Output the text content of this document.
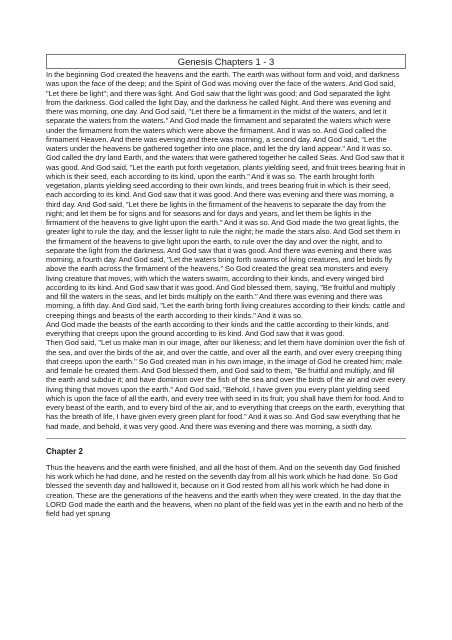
Genesis Chapters 1 - 3

In the beginning God created the heavens and the earth. The earth was without form and void, and darkness was upon the face of the deep; and the Spirit of God was moving over the face of the waters. And God said, "Let there be light"; and there was light. And God saw that the light was good; and God separated the light from the darkness. God called the light Day, and the darkness he called Night. And there was evening and there was morning, one day. And God said, "Let there be a firmament in the midst of the waters, and let it separate the waters from the waters." And God made the firmament and separated the waters which were under the firmament from the waters which were above the firmament. And it was so. And God called the firmament Heaven. And there was evening and there was morning, a second day. And God said, "Let the waters under the heavens be gathered together into one place, and let the dry land appear." And it was so. God called the dry land Earth, and the waters that were gathered together he called Seas. And God saw that it was good. And God said, "Let the earth put forth vegetation, plants yielding seed, and fruit trees bearing fruit in which is their seed, each according to its kind, upon the earth." And it was so. The earth brought forth vegetation, plants yielding seed according to their own kinds, and trees bearing fruit in which is their seed, each according to its kind. And God saw that it was good. And there was evening and there was morning, a third day. And God said, "Let there be lights in the firmament of the heavens to separate the day from the night; and let them be for signs and for seasons and for days and years, and let them be lights in the firmament of the heavens to give light upon the earth." And it was so. And God made the two great lights, the greater light to rule the day, and the lesser light to rule the night; he made the stars also. And God set them in the firmament of the heavens to give light upon the earth, to rule over the day and over the night, and to separate the light from the darkness. And God saw that it was good. And there was evening and there was morning, a fourth day. And God said, "Let the waters bring forth swarms of living creatures, and let birds fly above the earth across the firmament of the heavens." So God created the great sea monsters and every living creature that moves, with which the waters swarm, according to their kinds, and every winged bird according to its kind. And God saw that it was good. And God blessed them, saying, "Be fruitful and multiply and fill the waters in the seas, and let birds multiply on the earth." And there was evening and there was morning, a fifth day. And God said, "Let the earth bring forth living creatures according to their kinds: cattle and creeping things and beasts of the earth according to their kinds." And it was so.

And God made the beasts of the earth according to their kinds and the cattle according to their kinds, and everything that creeps upon the ground according to its kind. And God saw that it was good.

Then God said, "Let us make man in our image, after our likeness; and let them have dominion over the fish of the sea, and over the birds of the air, and over the cattle, and over all the earth, and over every creeping thing that creeps upon the earth." So God created man in his own image, in the image of God he created him; male and female he created them. And God blessed them, and God said to them, "Be fruitful and multiply, and fill the earth and subdue it; and have dominion over the fish of the sea and over the birds of the air and over every living thing that moves upon the earth." And God said, "Behold, I have given you every plant yielding seed which is upon the face of all the earth, and every tree with seed in its fruit; you shall have them for food. And to every beast of the earth, and to every bird of the air, and to everything that creeps on the earth, everything that has the breath of life, I have given every green plant for food." And it was so. And God saw everything that he had made, and behold, it was very good. And there was evening and there was morning, a sixth day.

Chapter 2

Thus the heavens and the earth were finished, and all the host of them. And on the seventh day God finished his work which he had done, and he rested on the seventh day from all his work which he had done. So God blessed the seventh day and hallowed it, because on it God rested from all his work which he had done in creation. These are the generations of the heavens and the earth when they were created. In the day that the LORD God made the earth and the heavens, when no plant of the field was yet in the earth and no herb of the field had yet sprung
